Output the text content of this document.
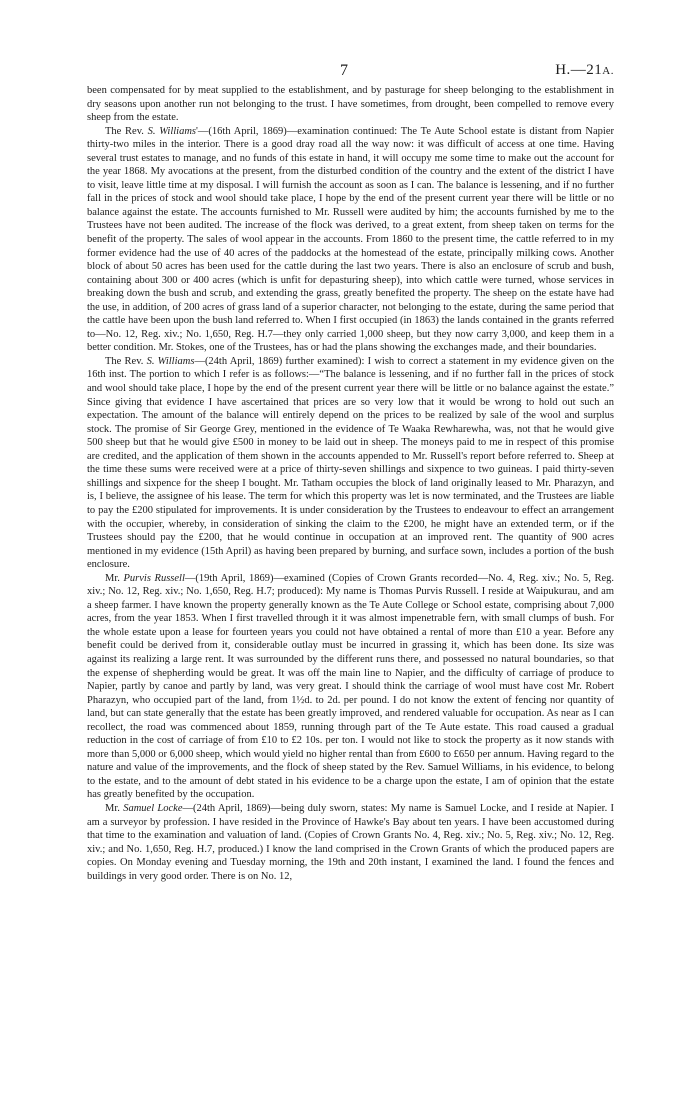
7	H.—21A.

been compensated for by meat supplied to the establishment, and by pasturage for sheep belonging to the establishment in dry seasons upon another run not belonging to the trust. I have sometimes, from drought, been compelled to remove every sheep from the estate.

The Rev. S. Williams'—(16th April, 1869)—examination continued: The Te Aute School estate is distant from Napier thirty-two miles in the interior. There is a good dray road all the way now: it was difficult of access at one time. Having several trust estates to manage, and no funds of this estate in hand, it will occupy me some time to make out the account for the year 1868. My avocations at the present, from the disturbed condition of the country and the extent of the district I have to visit, leave little time at my disposal. I will furnish the account as soon as I can. The balance is lessening, and if no further fall in the prices of stock and wool should take place, I hope by the end of the present current year there will be little or no balance against the estate. The accounts furnished to Mr. Russell were audited by him; the accounts furnished by me to the Trustees have not been audited. The increase of the flock was derived, to a great extent, from sheep taken on terms for the benefit of the property. The sales of wool appear in the accounts. From 1860 to the present time, the cattle referred to in my former evidence had the use of 40 acres of the paddocks at the homestead of the estate, principally milking cows. Another block of about 50 acres has been used for the cattle during the last two years. There is also an enclosure of scrub and bush, containing about 300 or 400 acres (which is unfit for depasturing sheep), into which cattle were turned, whose services in breaking down the bush and scrub, and extending the grass, greatly benefited the property. The sheep on the estate have had the use, in addition, of 200 acres of grass land of a superior character, not belonging to the estate, during the same period that the cattle have been upon the bush land referred to. When I first occupied (in 1863) the lands contained in the grants referred to—No. 12, Reg. xiv.; No. 1,650, Reg. H.7—they only carried 1,000 sheep, but they now carry 3,000, and keep them in a better condition. Mr. Stokes, one of the Trustees, has or had the plans showing the exchanges made, and their boundaries.

The Rev. S. Williams—(24th April, 1869) further examined): I wish to correct a statement in my evidence given on the 16th inst. The portion to which I refer is as follows:—“The balance is lessening, and if no further fall in the prices of stock and wool should take place, I hope by the end of the present current year there will be little or no balance against the estate.” Since giving that evidence I have ascertained that prices are so very low that it would be wrong to hold out such an expectation. The amount of the balance will entirely depend on the prices to be realized by sale of the wool and surplus stock. The promise of Sir George Grey, mentioned in the evidence of Te Waaka Rewharewha, was, not that he would give 500 sheep but that he would give £500 in money to be laid out in sheep. The moneys paid to me in respect of this promise are credited, and the application of them shown in the accounts appended to Mr. Russell's report before referred to. Sheep at the time these sums were received were at a price of thirty-seven shillings and sixpence to two guineas. I paid thirty-seven shillings and sixpence for the sheep I bought. Mr. Tatham occupies the block of land originally leased to Mr. Pharazyn, and is, I believe, the assignee of his lease. The term for which this property was let is now terminated, and the Trustees are liable to pay the £200 stipulated for improvements. It is under consideration by the Trustees to endeavour to effect an arrangement with the occupier, whereby, in consideration of sinking the claim to the £200, he might have an extended term, or if the Trustees should pay the £200, that he would continue in occupation at an improved rent. The quantity of 900 acres mentioned in my evidence (15th April) as having been prepared by burning, and surface sown, includes a portion of the bush enclosure.

Mr. Purvis Russell—(19th April, 1869)—examined (Copies of Crown Grants recorded—No. 4, Reg. xiv.; No. 5, Reg. xiv.; No. 12, Reg. xiv.; No. 1,650, Reg. H.7; produced): My name is Thomas Purvis Russell. I reside at Waipukurau, and am a sheep farmer. I have known the property generally known as the Te Aute College or School estate, comprising about 7,000 acres, from the year 1853. When I first travelled through it it was almost impenetrable fern, with small clumps of bush. For the whole estate upon a lease for fourteen years you could not have obtained a rental of more than £10 a year. Before any benefit could be derived from it, considerable outlay must be incurred in grassing it, which has been done. Its size was against its realizing a large rent. It was surrounded by the different runs there, and possessed no natural boundaries, so that the expense of shepherding would be great. It was off the main line to Napier, and the difficulty of carriage of produce to Napier, partly by canoe and partly by land, was very great. I should think the carriage of wool must have cost Mr. Robert Pharazyn, who occupied part of the land, from 1½d. to 2d. per pound. I do not know the extent of fencing nor quantity of land, but can state generally that the estate has been greatly improved, and rendered valuable for occupation. As near as I can recollect, the road was commenced about 1859, running through part of the Te Aute estate. This road caused a gradual reduction in the cost of carriage of from £10 to £2 10s. per ton. I would not like to stock the property as it now stands with more than 5,000 or 6,000 sheep, which would yield no higher rental than from £600 to £650 per annum. Having regard to the nature and value of the improvements, and the flock of sheep stated by the Rev. Samuel Williams, in his evidence, to belong to the estate, and to the amount of debt stated in his evidence to be a charge upon the estate, I am of opinion that the estate has greatly benefited by the occupation.

Mr. Samuel Locke—(24th April, 1869)—being duly sworn, states: My name is Samuel Locke, and I reside at Napier. I am a surveyor by profession. I have resided in the Province of Hawke's Bay about ten years. I have been accustomed during that time to the examination and valuation of land. (Copies of Crown Grants No. 4, Reg. xiv.; No. 5, Reg. xiv.; No. 12, Reg. xiv.; and No. 1,650, Reg. H.7, produced.) I know the land comprised in the Crown Grants of which the produced papers are copies. On Monday evening and Tuesday morning, the 19th and 20th instant, I examined the land. I found the fences and buildings in very good order. There is on No. 12,
